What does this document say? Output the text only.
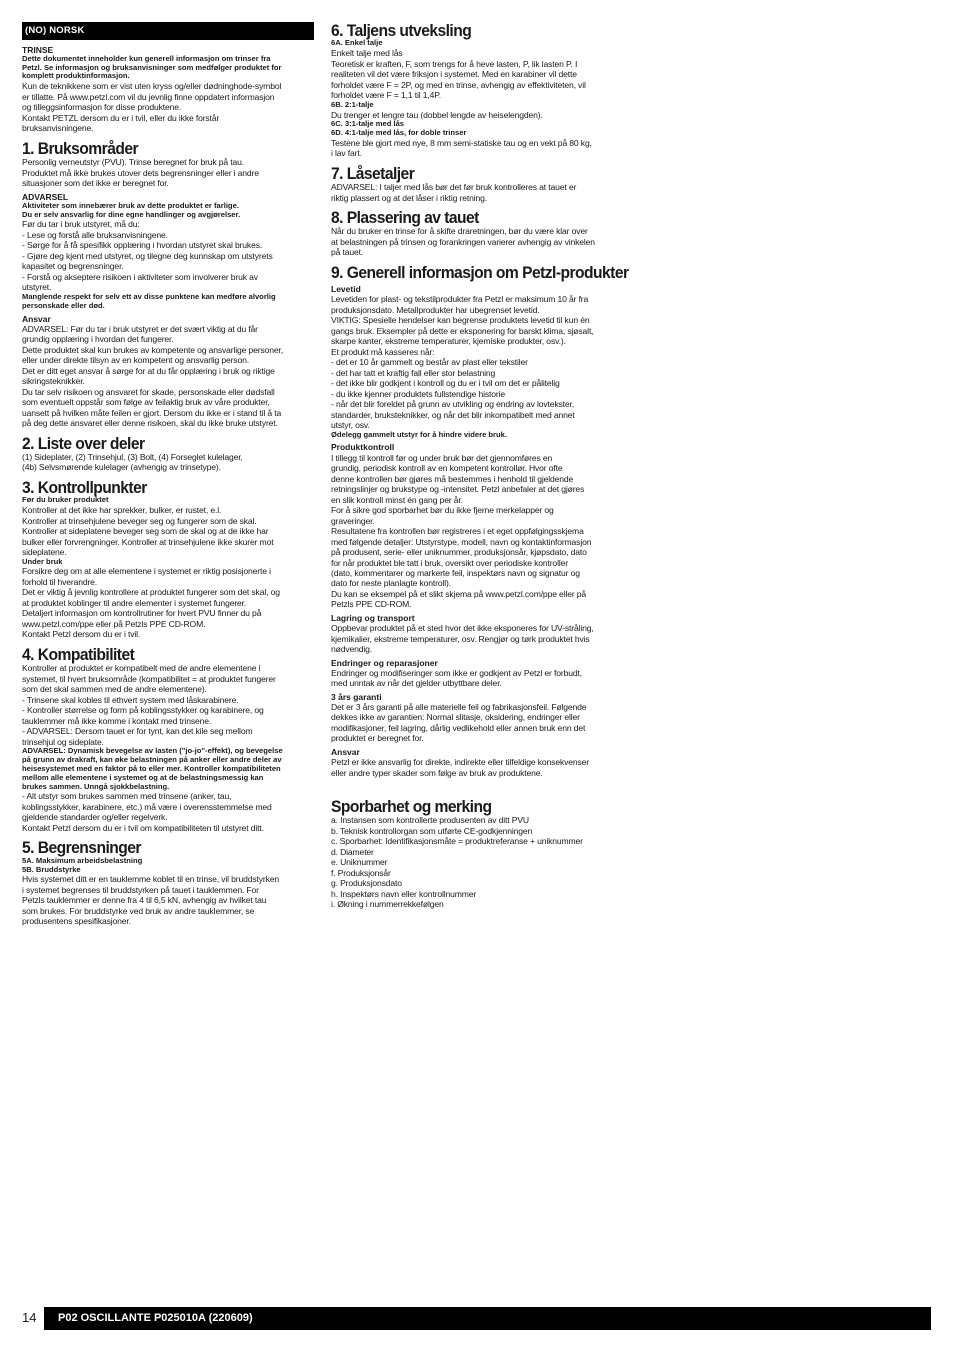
(NO) NORSK
TRINSE
Dette dokumentet inneholder kun generell informasjon om trinser fra
Petzl. Se informasjon og bruksanvisninger som medfølger produktet for
komplett produktinformasjon.
Kun de teknikkene som er vist uten kryss og/eller dødninghode-symbol
er tillatte. På www.petzl.com vil du jevnlig finne oppdatert informasjon
og tilleggsinformasjon for disse produktene.
Kontakt PETZL dersom du er i tvil, eller du ikke forstår
bruksanvisningene.
1. Bruksområder
Personlig verneutstyr (PVU). Trinse beregnet for bruk på tau.
Produktet må ikke brukes utover dets begrensninger eller i andre
situasjoner som det ikke er beregnet for.
ADVARSEL
Aktiviteter som innebærer bruk av dette produktet er farlige.
Du er selv ansvarlig for dine egne handlinger og avgjørelser.
Før du tar i bruk utstyret, må du:
- Lese og forstå alle bruksanvisningene.
- Sørge for å få spesifikk opplæring i hvordan utstyret skal brukes.
- Gjøre deg kjent med utstyret, og tilegne deg kunnskap om utstyrets
kapasitet og begrensninger.
- Forstå og akseptere risikoen i aktiviteter som involverer bruk av
utstyret.
Manglende respekt for selv ett av disse punktene kan medføre alvorlig
personskade eller død.
Ansvar
ADVARSEL: Før du tar i bruk utstyret er det svært viktig at du får
grundig opplæring i hvordan det fungerer.
Dette produktet skal kun brukes av kompetente og ansvarlige personer,
eller under direkte tilsyn av en kompetent og ansvarlig person.
Det er ditt eget ansvar å sørge for at du får opplæring i bruk og riktige
sikringsteknikker.
Du tar selv risikoen og ansvaret for skade, personskade eller dødsfall
som eventuelt oppstår som følge av feilaktig bruk av våre produkter,
uansett på hvilken måte feilen er gjort. Dersom du ikke er i stand til å ta
på deg dette ansvaret eller denne risikoen, skal du ikke bruke utstyret.
2. Liste over deler
(1) Sideplater, (2) Trinsehjul, (3) Bolt, (4) Forseglet kulelager,
(4b) Selvsmørende kulelager (avhengig av trinsetype).
3. Kontrollpunkter
Før du bruker produktet
Kontroller at det ikke har sprekker, bulker, er rustet, e.l.
Kontroller at trinsehjulene beveger seg og fungerer som de skal.
Kontroller at sideplatene beveger seg som de skal og at de ikke har
bulker eller forvrengninger. Kontroller at trinsehjulene ikke skurer mot
sideplatene.
Under bruk
Forsikre deg om at alle elementene i systemet er riktig posisjonerte i
forhold til hverandre.
Det er viktig å jevnlig kontrollere at produktet fungerer som det skal, og
at produktet koblinger til andre elementer i systemet fungerer.
Detaljert informasjon om kontrollrutiner for hvert PVU finner du på
www.petzl.com/ppe eller på Petzls PPE CD-ROM.
Kontakt Petzl dersom du er i tvil.
4. Kompatibilitet
Kontroller at produktet er kompatibelt med de andre elementene i
systemet, til hvert bruksområde (kompatibilitet = at produktet fungerer
som det skal sammen med de andre elementene).
- Trinsene skal kobles til ethvert system med låskarabinere.
- Kontroller størrelse og form på koblingsstykker og karabinere, og
tauklemmer må ikke komme i kontakt med trinsene.
- ADVARSEL: Dersom tauet er for tynt, kan det kile seg mellom
trinsehjul og sideplate.
ADVARSEL: Dynamisk bevegelse av lasten ("jo-jo"-effekt), og bevegelse
på grunn av drakraft, kan øke belastningen på anker eller andre deler av
heisesystemet med en faktor på to eller mer. Kontroller kompatibiliteten
mellom alle elementene i systemet og at de belastningsmessig kan
brukes sammen. Unngå sjokkbelastning.
- Alt utstyr som brukes sammen med trinsene (anker, tau,
koblingsstykker, karabinere, etc.) må være i overensstemmelse med
gjeldende standarder og/eller regelverk.
Kontakt Petzl dersom du er i tvil om kompatibiliteten til utstyret ditt.
5. Begrensninger
5A. Maksimum arbeidsbelastning
5B. Bruddstyrke
Hvis systemet ditt er en tauklemme koblet til en trinse, vil bruddstyrken
i systemet begrenses til bruddstyrken på tauet i tauklemmen. For
Petzls tauklemmer er denne fra 4 til 6,5 kN, avhengig av hvilket tau
som brukes. For bruddstyrke ved bruk av andre tauklemmer, se
produsentens spesifikasjoner.
6. Taljens utveksling
6A. Enkel talje
Enkelt talje med lås
Teoretisk er kraften, F, som trengs for å heve lasten, P, lik lasten P. I
realiteten vil det være friksjon i systemet. Med en karabiner vil dette
forholdet være F = 2P, og med en trinse, avhengig av effektiviteten, vil
forholdet være F = 1,1 til 1,4P.
6B. 2:1-talje
Du trenger et lengre tau (dobbel lengde av heiselengden).
6C. 3:1-talje med lås
6D. 4:1-talje med lås, for doble trinser
Testene ble gjort med nye, 8 mm semi-statiske tau og en vekt på 80 kg,
i lav fart.
7. Låsetaljer
ADVARSEL: I taljer med lås bør det før bruk kontrolleres at tauet er
riktig plassert og at det låser i riktig retning.
8. Plassering av tauet
Når du bruker en trinse for å skifte draretningen, bør du være klar over
at belastningen på trinsen og forankringen varierer avhengig av vinkelen
på tauet.
9. Generell informasjon om Petzl-produkter
Levetid
Levetiden for plast- og tekstilprodukter fra Petzl er maksimum 10 år fra
produksjonsdato. Metallprodukter har ubegrenset levetid.
VIKTIG: Spesielle hendelser kan begrense produktets levetid til kun én
gangs bruk. Eksempler på dette er eksponering for barskt klima, sjøsalt,
skarpe kanter, ekstreme temperaturer, kjemiske produkter, osv.).
Et produkt må kasseres når:
- det er 10 år gammelt og består av plast eller tekstiler
- det har tatt et kraftig fall eller stor belastning
- det ikke blir godkjent i kontroll og du er i tvil om det er pålitelig
- du ikke kjenner produktets fullstendige historie
- når det blir foreldet på grunn av utvikling og endring av lovtekster,
standarder, bruksteknikker, og når det blir inkompatibelt med annet
utstyr, osv.
Ødelegg gammelt utstyr for å hindre videre bruk.
Produktkontroll
I tillegg til kontroll før og under bruk bør det gjennomføres en
grundig, periodisk kontroll av en kompetent kontrollør. Hvor ofte
denne kontrollen bør gjøres må bestemmes i henhold til gjeldende
retningslinjer og brukstype og -intensitet. Petzl anbefaler at det gjøres
en slik kontroll minst én gang per år.
For å sikre god sporbarhet bør du ikke fjerne merkelapper og
graveringer.
Resultatene fra kontrollen bør registreres i et eget oppfølgingsskjema
med følgende detaljer: Utstyrstype, modell, navn og kontaktinformasjon
på produsent, serie- eller uniknummer, produksjonsår, kjøpsdato, dato
for når produktet ble tatt i bruk, oversikt over periodiske kontroller
(dato, kommentarer og markerte feil, inspektørs navn og signatur og
dato for neste planlagte kontroll).
Du kan se eksempel på et slikt skjema på www.petzl.com/ppe eller på
Petzls PPE CD-ROM.
Lagring og transport
Oppbevar produktet på et sted hvor det ikke eksponeres for UV-stråling,
kjemikalier, ekstreme temperaturer, osv. Rengjør og tørk produktet hvis
nødvendig.
Endringer og reparasjoner
Endringer og modifiseringer som ikke er godkjent av Petzl er forbudt,
med unntak av når det gjelder utbyttbare deler.
3 års garanti
Det er 3 års garanti på alle materielle feil og fabrikasjonsfeil. Følgende
dekkes ikke av garantien: Normal slitasje, oksidering, endringer eller
modifikasjoner, feil lagring, dårlig vedlikehold eller annen bruk enn det
produktet er beregnet for.
Ansvar
Petzl er ikke ansvarlig for direkte, indirekte eller tilfeldige konsekvenser
eller andre typer skader som følge av bruk av produktene.
Sporbarhet og merking
a. Instansen som kontrollerte produsenten av ditt PVU
b. Teknisk kontrollorgan som utførte CE-godkjenningen
c. Sporbarhet: Identifikasjonsmåte = produktreferanse + uniknummer
d. Diameter
e. Uniknummer
f. Produksjonsår
g. Produksjonsdato
h. Inspektørs navn eller kontrollnummer
i. Økning i nummerrekkefølgen
14	P02 OSCILLANTE P025010A (220609)
